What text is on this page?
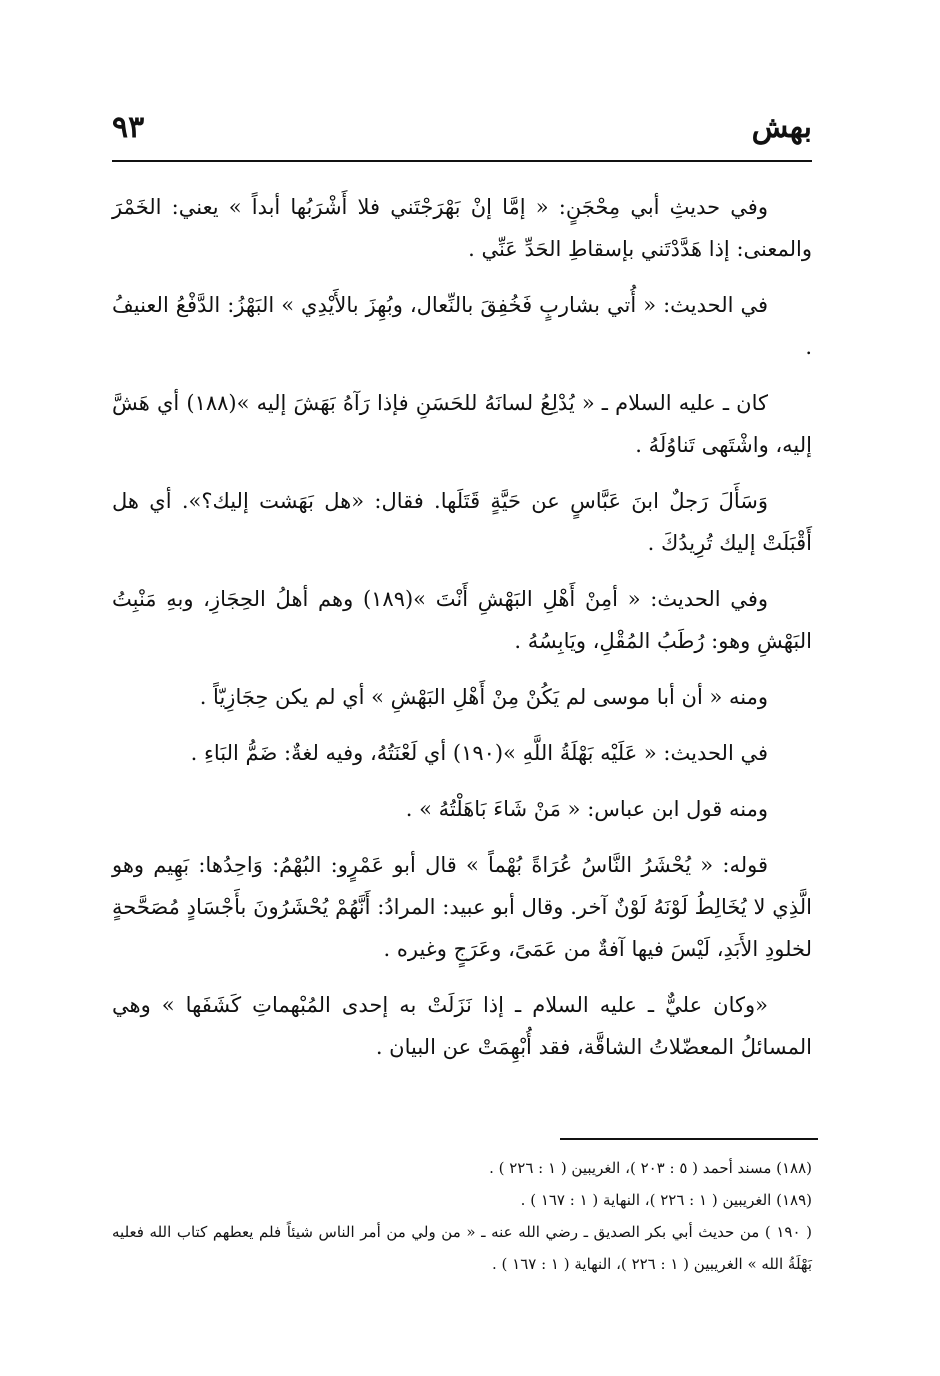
بهش
٩٣

وفي حديثِ أبي مِحْجَنٍ: « إمَّا إنْ بَهْرَجْتَني فلا أَشْرَبُها أبداً » يعني: الخَمْرَ والمعنى: إذا هَدَّدْتَني بإسقاطِ الحَدِّ عَنِّي .

في الحديث: « أُتي بشاربٍ فَخُفِقَ بالنِّعال، وبُهِزَ بالأَيْدِي » البَهْزُ: الدَّفْعُ العنيفُ .

كان ـ عليه السلام ـ « يُدْلِعُ لسانَهُ للحَسَنِ فإذا رَآهُ بَهَشَ إليه »(١٨٨) أي هَشَّ إليه، واشْتَهى تَناوُلَهُ .

وَسَأَلَ رَجلٌ ابنَ عَبَّاسٍ عن حَيَّةٍ قَتَلَها. فقال: «هل بَهَشت إليك؟». أي هل أَقْبَلَتْ إليك تُرِيدُكَ .

وفي الحديث: « أمِنْ أَهْلِ البَهْشِ أَنْتَ »(١٨٩) وهم أهلُ الحِجَازِ، وبهِ مَنْبِتُ البَهْشِ وهو: رُطَبُ المُقْلِ، ويَابِسُهُ .

ومنه « أن أبا موسى لم يَكُنْ مِنْ أَهْلِ البَهْشِ » أي لم يكن حِجَازِيّاً .

في الحديث: « عَلَيْه بَهْلَةُ اللَّهِ »(١٩٠) أي لَعْنَتُهُ، وفيه لغةٌ: ضَمُّ البَاءِ .

ومنه قول ابن عباس: « مَنْ شَاءَ بَاهَلْتُهُ » .

قوله: « يُحْشَرُ النَّاسُ عُرَاةً بُهْماً » قال أبو عَمْرٍو: البُهْمُ: وَاحِدُها: بَهِيم وهو الَّذِي لا يُخَالِطُ لَوْنَهُ لَوْنٌ آخر. وقال أبو عبيد: المرادُ: أَنَّهُمْ يُحْشَرُونَ بأَجْسَادٍ مُصَحَّحةٍ لخلودِ الأَبَدِ، لَيْسَ فيها آفةٌ من عَمَىً، وعَرَجٍ وغيره .

«وكان عليٌّ ـ عليه السلام ـ إذا نَزَلَتْ به إحدى المُبْهماتِ كَشَفَها » وهي المسائلُ المعضّلاتُ الشاقَّة، فقد أُبْهِمَتْ عن البيان .

(١٨٨) مسند أحمد ( ٥ : ٢٠٣ )، الغريبين ( ١ : ٢٢٦ ) .

(١٨٩) الغريبين ( ١ : ٢٢٦ )، النهاية ( ١ : ١٦٧ ) .

( ١٩٠ ) من حديث أبي بكر الصديق ـ رضي الله عنه ـ « من ولي من أمر الناس شيئاً فلم يعطهم كتاب الله فعليه بَهْلَةُ الله » الغريبين ( ١ : ٢٢٦ )، النهاية ( ١ : ١٦٧ ) .
